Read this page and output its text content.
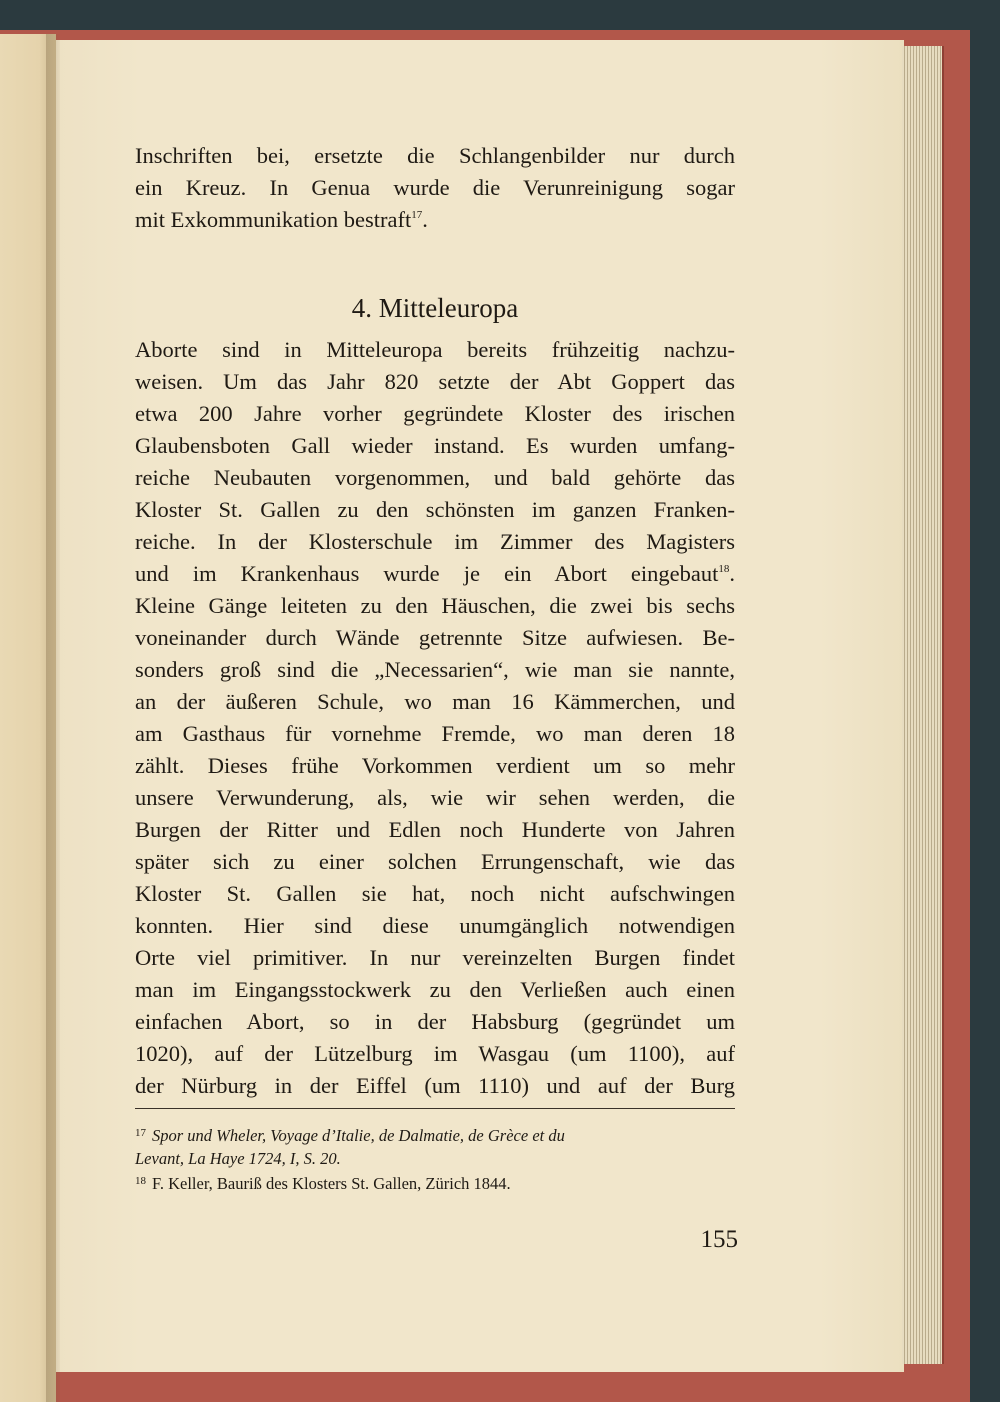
Inschriften bei, ersetzte die Schlangenbilder nur durch
ein Kreuz. In Genua wurde die Verunreinigung sogar
mit Exkommunikation bestraft$^{17}$.

4. Mitteleuropa

Aborte sind in Mitteleuropa bereits frühzeitig nachzu-
weisen. Um das Jahr 820 setzte der Abt Goppert das
etwa 200 Jahre vorher gegründete Kloster des irischen
Glaubensboten Gall wieder instand. Es wurden umfang-
reiche Neubauten vorgenommen, und bald gehörte das
Kloster St. Gallen zu den schönsten im ganzen Franken-
reiche. In der Klosterschule im Zimmer des Magisters
und im Krankenhaus wurde je ein Abort eingebaut$^{18}$.
Kleine Gänge leiteten zu den Häuschen, die zwei bis sechs
voneinander durch Wände getrennte Sitze aufwiesen. Be-
sonders groß sind die „Necessarien“, wie man sie nannte,
an der äußeren Schule, wo man 16 Kämmerchen, und
am Gasthaus für vornehme Fremde, wo man deren 18
zählt. Dieses frühe Vorkommen verdient um so mehr
unsere Verwunderung, als, wie wir sehen werden, die
Burgen der Ritter und Edlen noch Hunderte von Jahren
später sich zu einer solchen Errungenschaft, wie das
Kloster St. Gallen sie hat, noch nicht aufschwingen
konnten. Hier sind diese unumgänglich notwendigen
Orte viel primitiver. In nur vereinzelten Burgen findet
man im Eingangsstockwerk zu den Verließen auch einen
einfachen Abort, so in der Habsburg (gegründet um
1020), auf der Lützelburg im Wasgau (um 1100), auf
der Nürburg in der Eiffel (um 1110) und auf der Burg

$^{17}$ Spor und Wheler, Voyage d’Italie, de Dalmatie, de Grèce et du
Levant, La Haye 1724, I, S. 20.
$^{18}$ F. Keller, Bauriß des Klosters St. Gallen, Zürich 1844.
155
